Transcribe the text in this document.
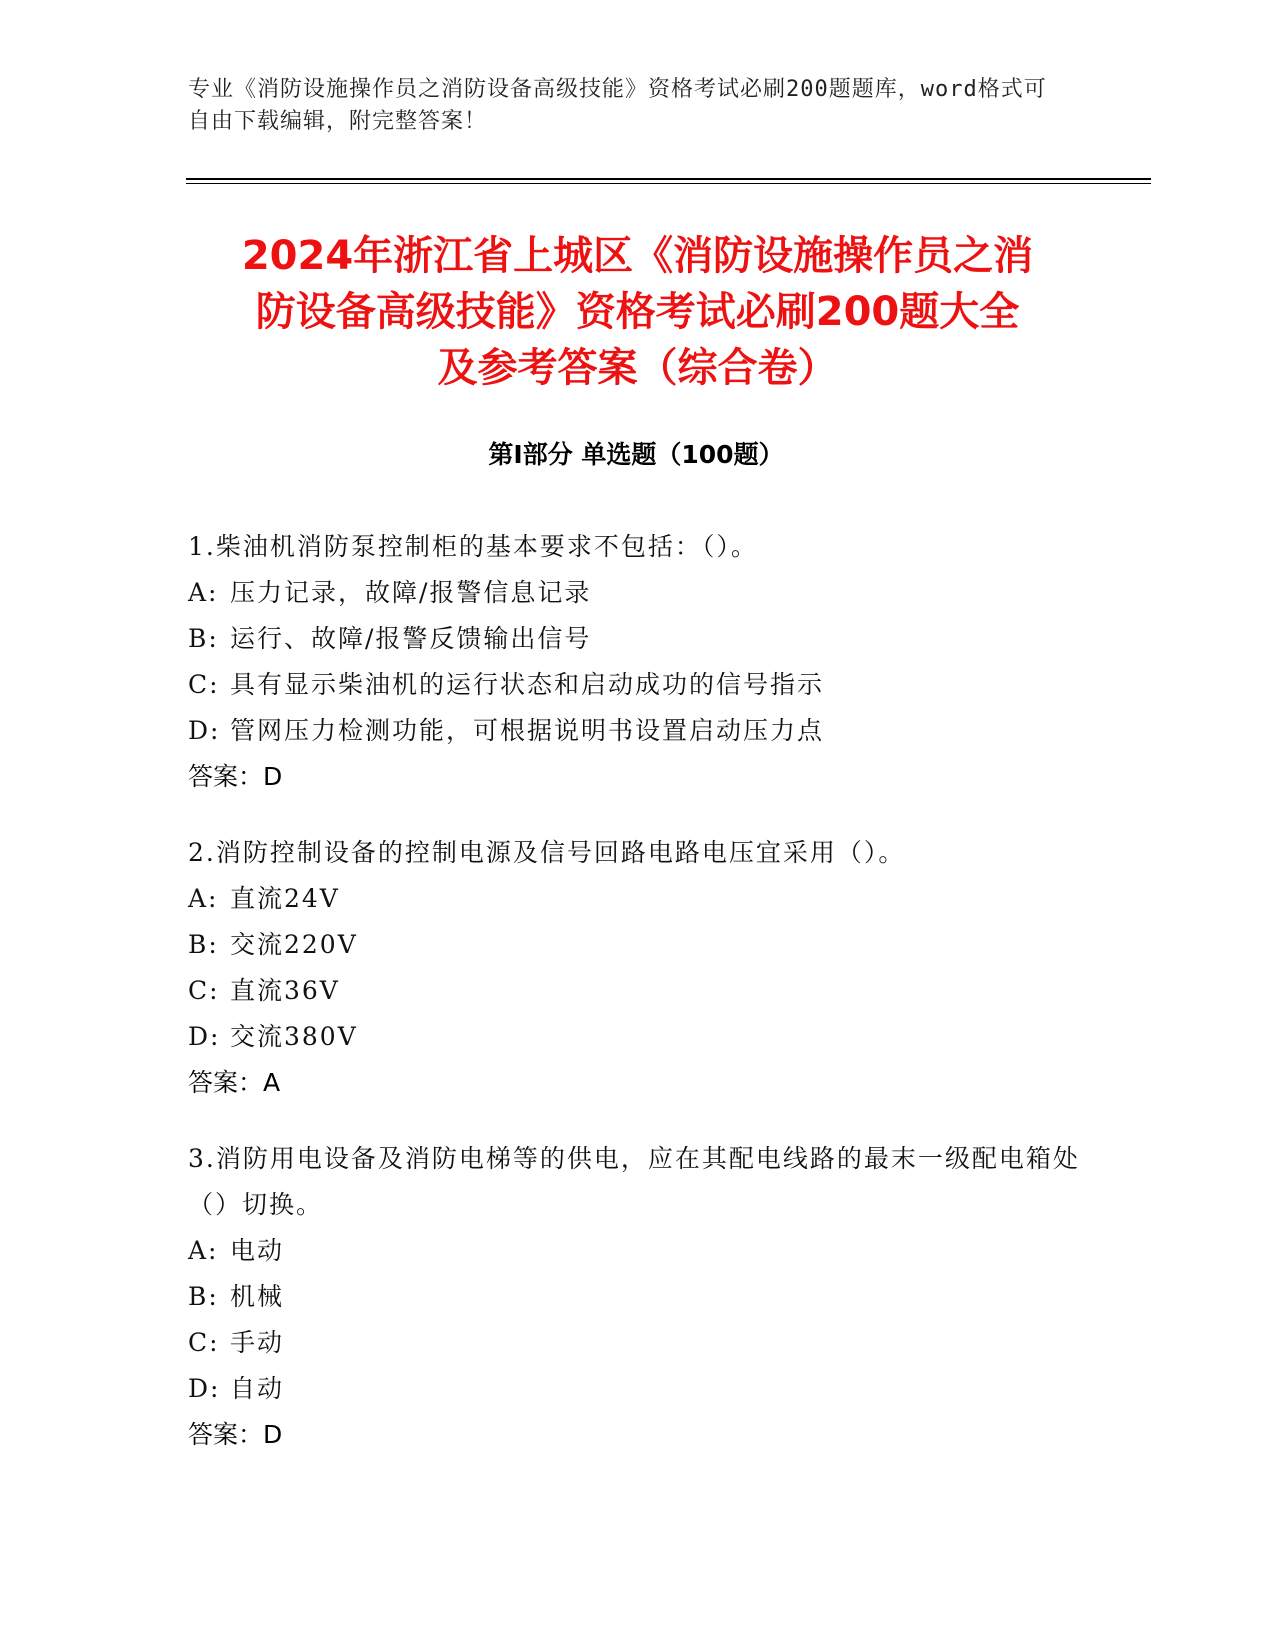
专业《消防设施操作员之消防设备高级技能》资格考试必刷200题题库，word格式可自由下载编辑，附完整答案！
2024年浙江省上城区《消防设施操作员之消
防设备高级技能》资格考试必刷200题大全
及参考答案（综合卷）
第I部分 单选题（100题）
1.柴油机消防泵控制柜的基本要求不包括：（）。
A: 压力记录，故障/报警信息记录
B: 运行、故障/报警反馈输出信号
C: 具有显示柴油机的运行状态和启动成功的信号指示
D: 管网压力检测功能，可根据说明书设置启动压力点
答案：D
2.消防控制设备的控制电源及信号回路电路电压宜采用（）。
A: 直流24V
B: 交流220V
C: 直流36V
D: 交流380V
答案：A
3.消防用电设备及消防电梯等的供电，应在其配电线路的最末一级配电箱处（）切换。
A: 电动
B: 机械
C: 手动
D: 自动
答案：D
